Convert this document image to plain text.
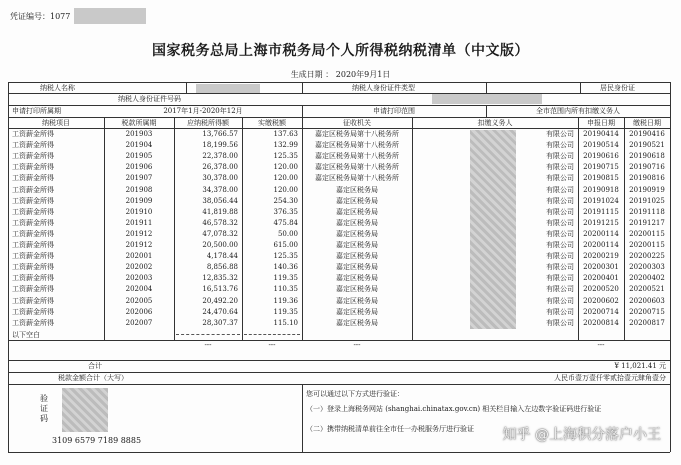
凭证编号：1077
国家税务总局上海市税务局个人所得税纳税清单（中文版）
生成日期 ： 2020年9月1日
纳税人名称	纳税人身份证件类型	居民身份证
纳税人身份证件号码
申请打印所属期	2017年1月-2020年12月	申请打印范围	全市范围内所有扣缴义务人
纳税项目	税款所属期	应纳税所得额	实缴税额	征收机关	扣缴义务人	申报日期	缴税日期
工资薪金所得	201903	13,766.57	137.63	嘉定区税务局第十八税务所	有限公司	20190414	20190416
工资薪金所得	201904	18,199.56	132.99	嘉定区税务局第十八税务所	有限公司	20190514	20190521
工资薪金所得	201905	22,378.00	125.35	嘉定区税务局第十八税务所	有限公司	20190616	20190618
工资薪金所得	201906	26,378.00	120.00	嘉定区税务局第十八税务所	有限公司	20190715	20190716
工资薪金所得	201907	30,378.00	120.00	嘉定区税务局第十八税务所	有限公司	20190815	20190816
工资薪金所得	201908	34,378.00	120.00	嘉定区税务局	有限公司	20190918	20190919
工资薪金所得	201909	38,056.44	254.30	嘉定区税务局	有限公司	20191024	20191025
工资薪金所得	201910	41,819.88	376.35	嘉定区税务局	有限公司	20191115	20191118
工资薪金所得	201911	46,578.32	475.84	嘉定区税务局	有限公司	20191215	20191217
工资薪金所得	201912	47,078.32	50.00	嘉定区税务局	有限公司	20200114	20200115
工资薪金所得	201912	20,500.00	615.00	嘉定区税务局	有限公司	20200114	20200115
工资薪金所得	202001	4,178.44	125.35	嘉定区税务局	有限公司	20200219	20200225
工资薪金所得	202002	8,856.88	140.36	嘉定区税务局	有限公司	20200301	20200303
工资薪金所得	202003	12,835.32	119.35	嘉定区税务局	有限公司	20200401	20200402
工资薪金所得	202004	16,513.76	110.35	嘉定区税务局	有限公司	20200520	20200521
工资薪金所得	202005	20,492.20	119.36	嘉定区税务局	有限公司	20200602	20200603
工资薪金所得	202006	24,470.64	119.35	嘉定区税务局	有限公司	20200714	20200715
工资薪金所得	202007	28,307.37	115.10	嘉定区税务局	有限公司	20200814	20200817
以下空白
---	---	---	---
合计	¥ 11,021.41 元
税款金额合计（大写）	人民币壹万壹仟零贰拾壹元肆角壹分
验证码
3109 6579 7189 8885
您可以通过以下方式进行验证：
（一）登录上海税务网站 (shanghai.chinatax.gov.cn) 相关栏目输入左边数字验证码进行验证
（二）携带纳税清单前往全市任一办税服务厅进行验证 知乎 @上海积分落户小王
